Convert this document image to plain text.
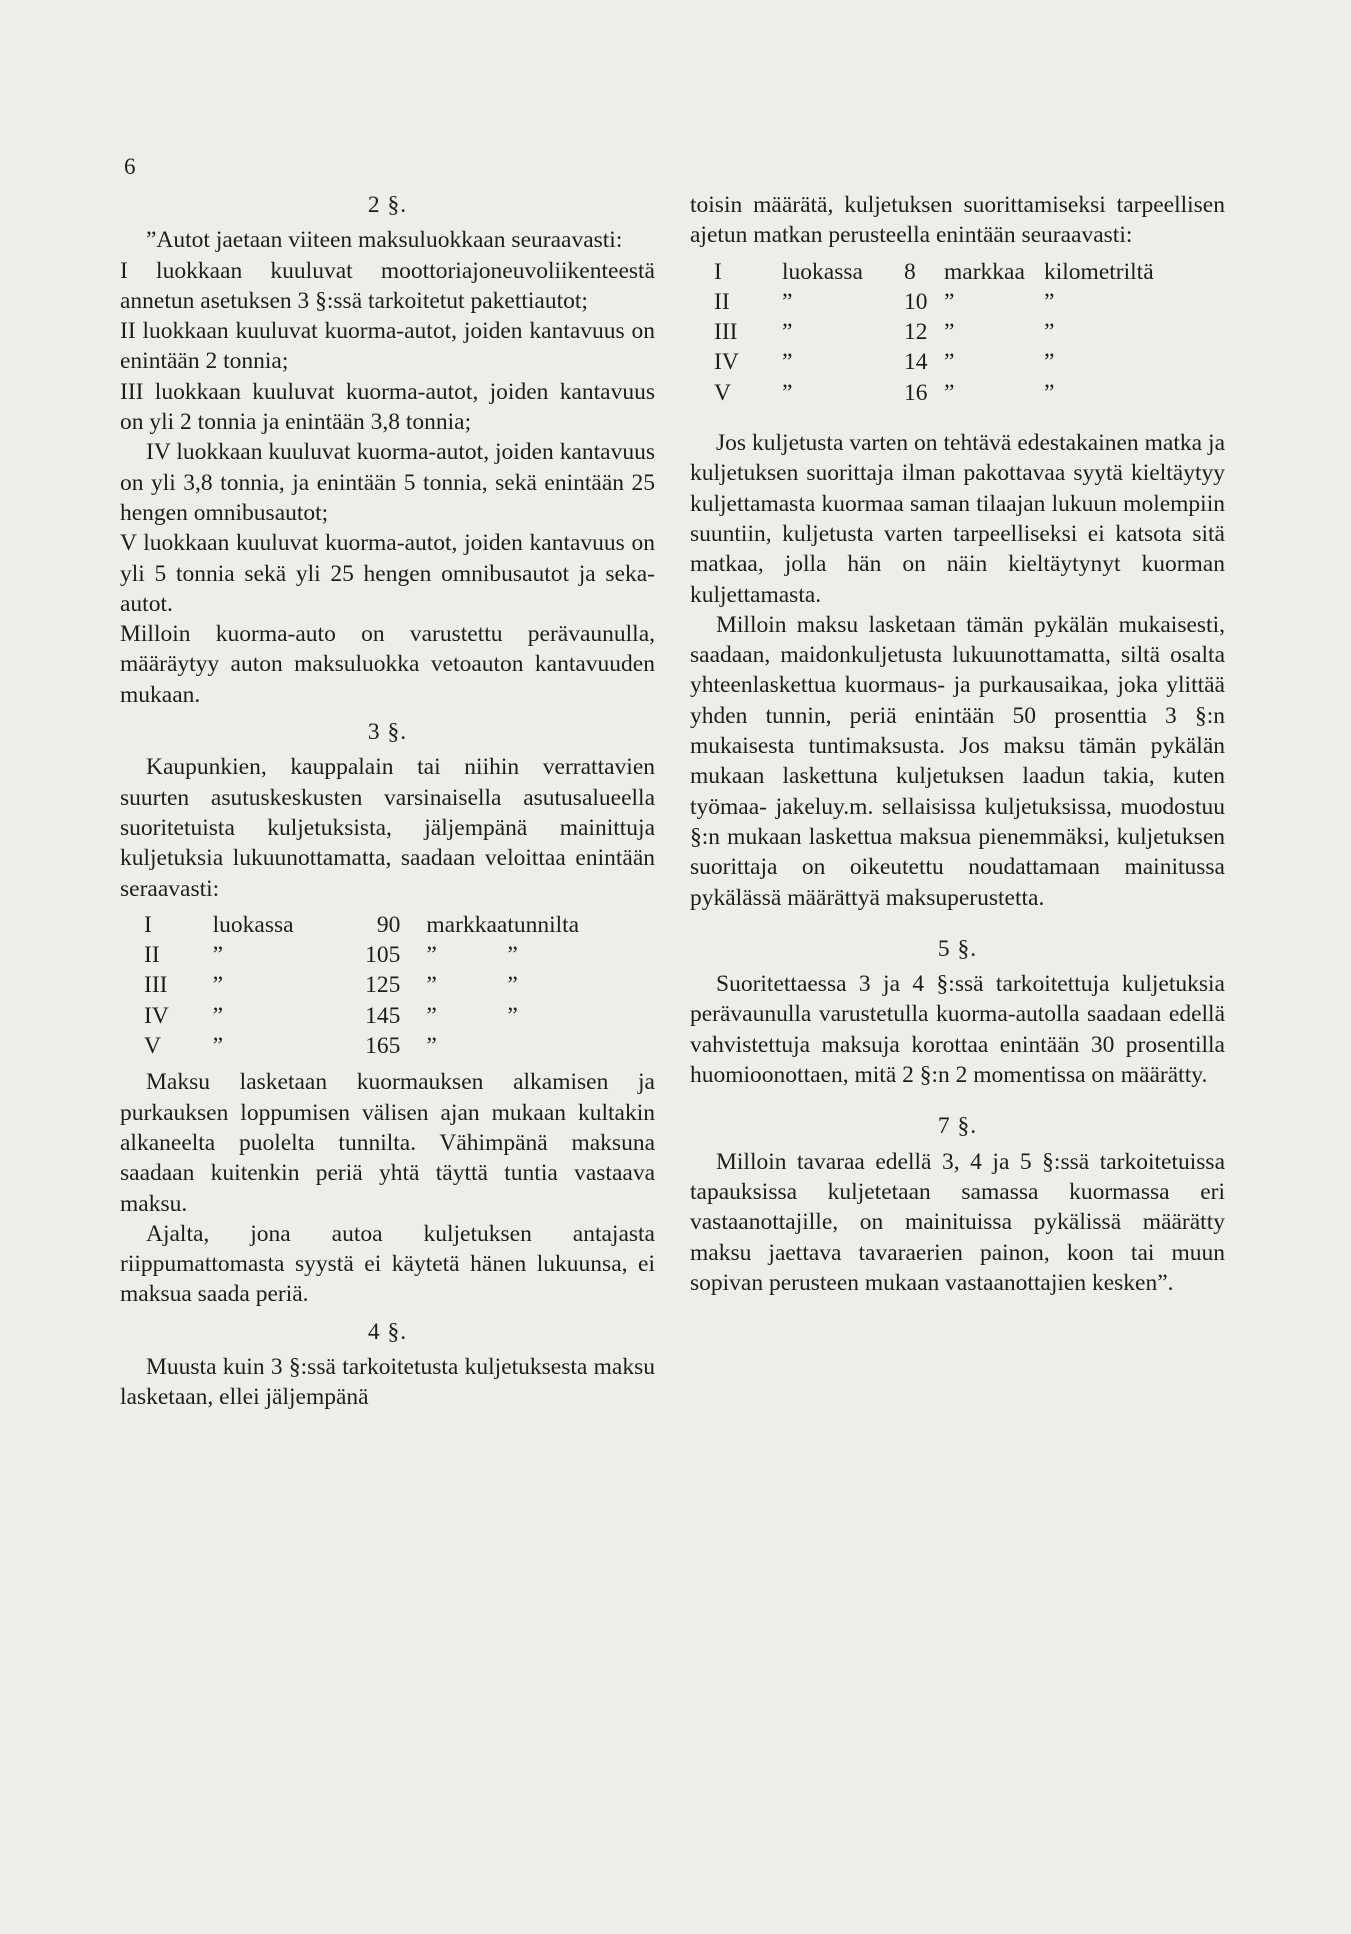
6

2 §.

”Autot jaetaan viiteen maksuluokkaan seuraavasti:

I luokkaan kuuluvat moottoriajoneuvoliikenteestä annetun asetuksen 3 §:ssä tarkoitetut pakettiautot;

II luokkaan kuuluvat kuorma-autot, joiden kantavuus on enintään 2 tonnia;

III luokkaan kuuluvat kuorma-autot, joiden kantavuus on yli 2 tonnia ja enintään 3,8 tonnia;

IV luokkaan kuuluvat kuorma-autot, joiden kantavuus on yli 3,8 tonnia, ja enintään 5 tonnia, sekä enintään 25 hengen omnibusautot;

V luokkaan kuuluvat kuorma-autot, joiden kantavuus on yli 5 tonnia sekä yli 25 hengen omnibusautot ja seka-autot.

Milloin kuorma-auto on varustettu perävaunulla, määräytyy auton maksuluokka vetoauton kantavuuden mukaan.

3 §.

Kaupunkien, kauppalain tai niihin verrattavien suurten asutuskeskusten varsinaisella asutusalueella suoritetuista kuljetuksista, jäljempänä mainittuja kuljetuksia lukuunottamatta, saadaan veloittaa enintään seraavasti:

I	luokassa	90	markkaa	tunnilta
II	”	105	”	”
III	”	125	”	”
IV	”	145	”	”
V	”	165	”	

Maksu lasketaan kuormauksen alkamisen ja purkauksen loppumisen välisen ajan mukaan kultakin alkaneelta puolelta tunnilta. Vähimpänä maksuna saadaan kuitenkin periä yhtä täyttä tuntia vastaava maksu.

Ajalta, jona autoa kuljetuksen antajasta riippumattomasta syystä ei käytetä hänen lukuunsa, ei maksua saada periä.

4 §.

Muusta kuin 3 §:ssä tarkoitetusta kuljetuksesta maksu lasketaan, ellei jäljempänä

toisin määrätä, kuljetuksen suorittamiseksi tarpeellisen ajetun matkan perusteella enintään seuraavasti:

I	luokassa	8	markkaa	kilometriltä
II	”	10	”	”
III	”	12	”	”
IV	”	14	”	”
V	”	16	”	”

Jos kuljetusta varten on tehtävä edestakainen matka ja kuljetuksen suorittaja ilman pakottavaa syytä kieltäytyy kuljettamasta kuormaa saman tilaajan lukuun molempiin suuntiin, kuljetusta varten tarpeelliseksi ei katsota sitä matkaa, jolla hän on näin kieltäytynyt kuorman kuljettamasta.

Milloin maksu lasketaan tämän pykälän mukaisesti, saadaan, maidonkuljetusta lukuunottamatta, siltä osalta yhteenlaskettua kuormaus- ja purkausaikaa, joka ylittää yhden tunnin, periä enintään 50 prosenttia 3 §:n mukaisesta tuntimaksusta. Jos maksu tämän pykälän mukaan laskettuna kuljetuksen laadun takia, kuten työmaa- jakeluy.m. sellaisissa kuljetuksissa, muodostuu §:n mukaan laskettua maksua pienemmäksi, kuljetuksen suorittaja on oikeutettu noudattamaan mainitussa pykälässä määrättyä maksuperustetta.

5 §.

Suoritettaessa 3 ja 4 §:ssä tarkoitettuja kuljetuksia perävaunulla varustetulla kuorma-autolla saadaan edellä vahvistettuja maksuja korottaa enintään 30 prosentilla huomioonottaen, mitä 2 §:n 2 momentissa on määrätty.

7 §.

Milloin tavaraa edellä 3, 4 ja 5 §:ssä tarkoitetuissa tapauksissa kuljetetaan samassa kuormassa eri vastaanottajille, on mainituissa pykälissä määrätty maksu jaettava tavaraerien painon, koon tai muun sopivan perusteen mukaan vastaanottajien kesken”.
